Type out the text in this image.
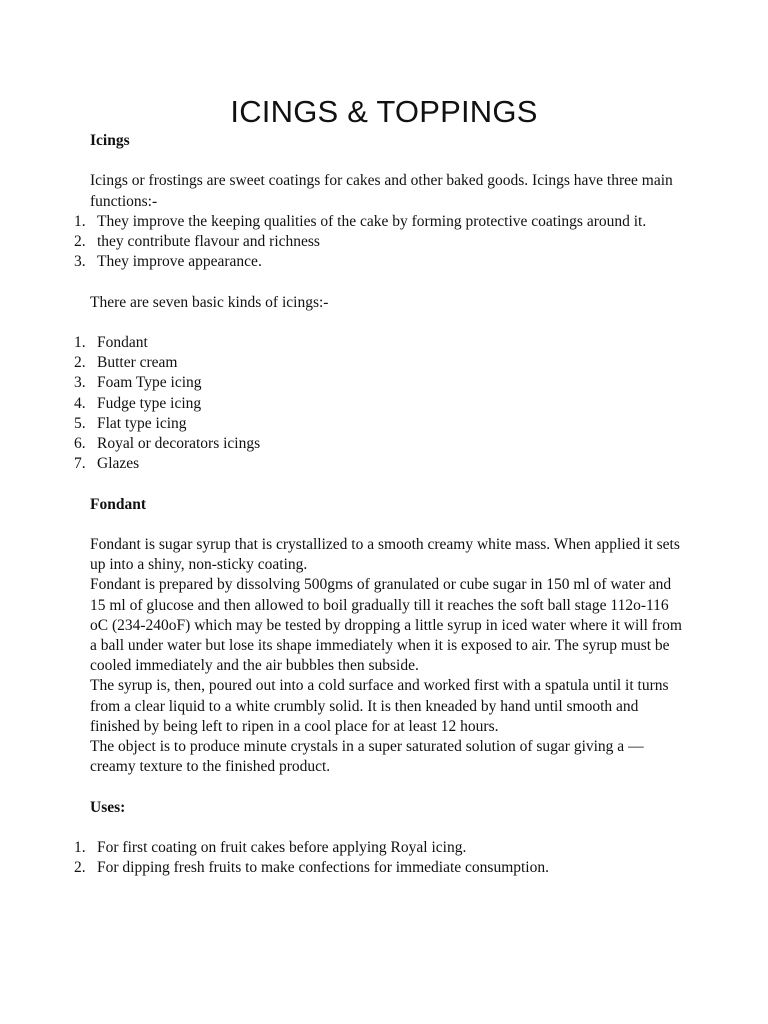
ICINGS & TOPPINGS

Icings

Icings or frostings are sweet coatings for cakes and other baked goods. Icings have three main functions:-

1. They improve the keeping qualities of the cake by forming protective coatings around it.
2. they contribute flavour and richness
3. They improve appearance.

There are seven basic kinds of icings:-

1. Fondant
2. Butter cream
3. Foam Type icing
4. Fudge type icing
5. Flat type icing
6. Royal or decorators icings
7. Glazes

Fondant

Fondant is sugar syrup that is crystallized to a smooth creamy white mass. When applied it sets up into a shiny, non-sticky coating.

Fondant is prepared by dissolving 500gms of granulated or cube sugar in 150 ml of water and 15 ml of glucose and then allowed to boil gradually till it reaches the soft ball stage 112o-116 oC (234-240oF) which may be tested by dropping a little syrup in iced water where it will from a ball under water but lose its shape immediately when it is exposed to air. The syrup must be cooled immediately and the air bubbles then subside.

The syrup is, then, poured out into a cold surface and worked first with a spatula until it turns from a clear liquid to a white crumbly solid. It is then kneaded by hand until smooth and finished by being left to ripen in a cool place for at least 12 hours.

The object is to produce minute crystals in a super saturated solution of sugar giving a —creamy texture to the finished product.

Uses:

1. For first coating on fruit cakes before applying Royal icing.
2. For dipping fresh fruits to make confections for immediate consumption.
